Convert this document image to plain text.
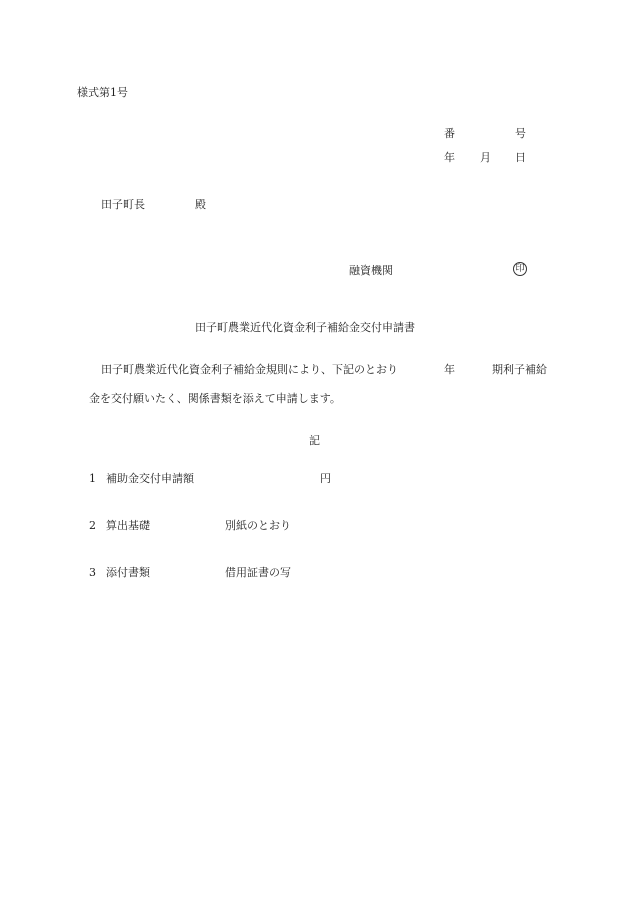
様式第1号
番	号
年 月 日
田子町長	殿
融資機関	印
田子町農業近代化資金利子補給金交付申請書
田子町農業近代化資金利子補給金規則により、下記のとおり	年	期利子補給
金を交付願いたく、関係書類を添えて申請します。
記
1 補助金交付申請額	円
2 算出基礎	別紙のとおり
3 添付書類	借用証書の写
